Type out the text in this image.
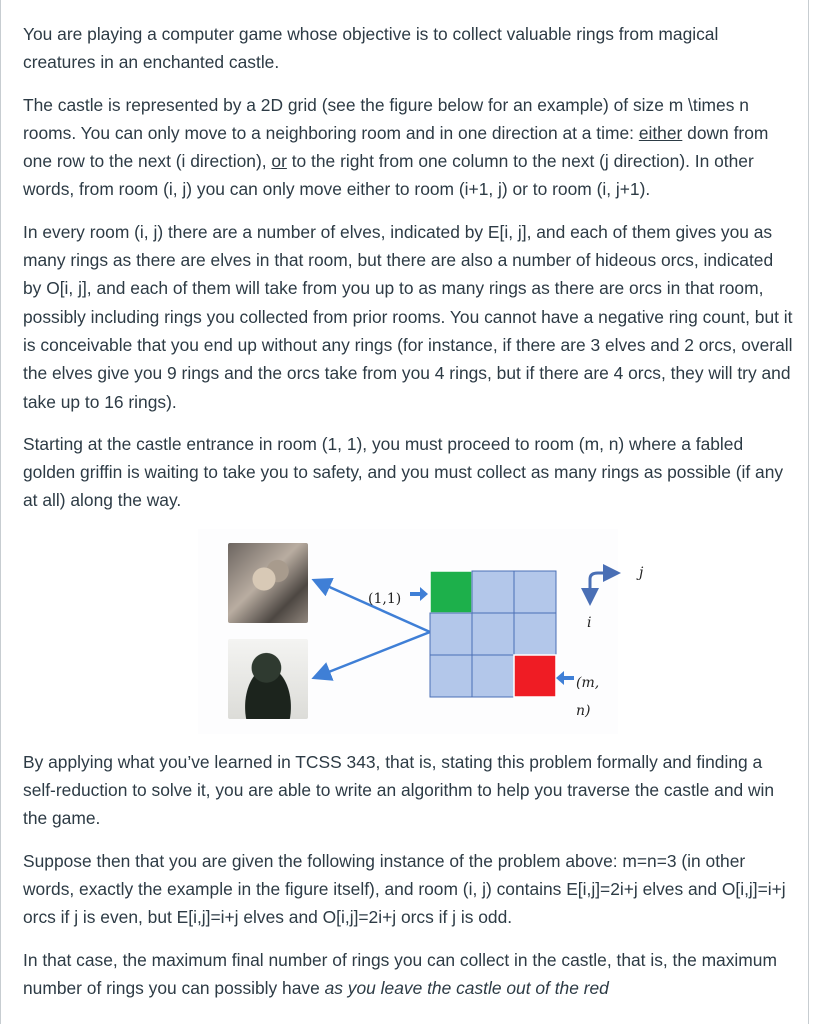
You are playing a computer game whose objective is to collect valuable rings from magical creatures in an enchanted castle.

The castle is represented by a 2D grid (see the figure below for an example) of size m \times n rooms. You can only move to a neighboring room and in one direction at a time: either down from one row to the next (i direction), or to the right from one column to the next (j direction). In other words, from room (i, j) you can only move either to room (i+1, j) or to room (i, j+1).

In every room (i, j) there are a number of elves, indicated by E[i, j], and each of them gives you as many rings as there are elves in that room, but there are also a number of hideous orcs, indicated by O[i, j], and each of them will take from you up to as many rings as there are orcs in that room, possibly including rings you collected from prior rooms. You cannot have a negative ring count, but it is conceivable that you end up without any rings (for instance, if there are 3 elves and 2 orcs, overall the elves give you 9 rings and the orcs take from you 4 rings, but if there are 4 orcs, they will try and take up to 16 rings).

Starting at the castle entrance in room (1, 1), you must proceed to room (m, n) where a fabled golden griffin is waiting to take you to safety, and you must collect as many rings as possible (if any at all) along the way.

(1,1)
(m, n)
j
i

By applying what you’ve learned in TCSS 343, that is, stating this problem formally and finding a self-reduction to solve it, you are able to write an algorithm to help you traverse the castle and win the game.

Suppose then that you are given the following instance of the problem above: m=n=3 (in other words, exactly the example in the figure itself), and room (i, j) contains E[i,j]=2i+j elves and O[i,j]=i+j orcs if j is even, but E[i,j]=i+j elves and O[i,j]=2i+j orcs if j is odd.

In that case, the maximum final number of rings you can collect in the castle, that is, the maximum number of rings you can possibly have as you leave the castle out of the red
